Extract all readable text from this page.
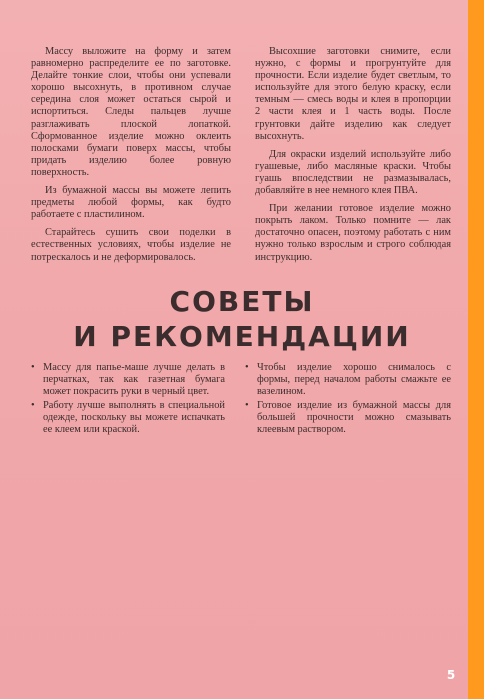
Массу выложите на форму и затем равномерно распределите ее по заготовке. Делайте тонкие слои, чтобы они успевали хорошо высохнуть, в противном случае середина слоя может остаться сырой и испортиться. Следы пальцев лучше разглаживать плоской лопаткой. Сформованное изделие можно оклеить полосками бумаги поверх массы, чтобы придать изделию более ровную поверхность.

Из бумажной массы вы можете лепить предметы любой формы, как будто работаете с пластилином.

Старайтесь сушить свои поделки в естественных условиях, чтобы изделие не потрескалось и не деформировалось.

Высохшие заготовки снимите, если нужно, с формы и прогрунтуйте для прочности. Если изделие будет светлым, то используйте для этого белую краску, если темным — смесь воды и клея в пропорции 2 части клея и 1 часть воды. После грунтовки дайте изделию как следует высохнуть.

Для окраски изделий используйте либо гуашевые, либо масляные краски. Чтобы гуашь впоследствии не размазывалась, добавляйте в нее немного клея ПВА.

При желании готовое изделие можно покрыть лаком. Только помните — лак достаточно опасен, поэтому работать с ним нужно только взрослым и строго соблюдая инструкцию.

СОВЕТЫ
И РЕКОМЕНДАЦИИ
• Массу для папье-маше лучше делать в перчатках, так как газетная бумага может покрасить руки в черный цвет.
• Работу лучше выполнять в специальной одежде, поскольку вы можете испачкать ее клеем или краской.
• Чтобы изделие хорошо снималось с формы, перед началом работы смажьте ее вазелином.
• Готовое изделие из бумажной массы для большей прочности можно смазывать клеевым раствором.
5
